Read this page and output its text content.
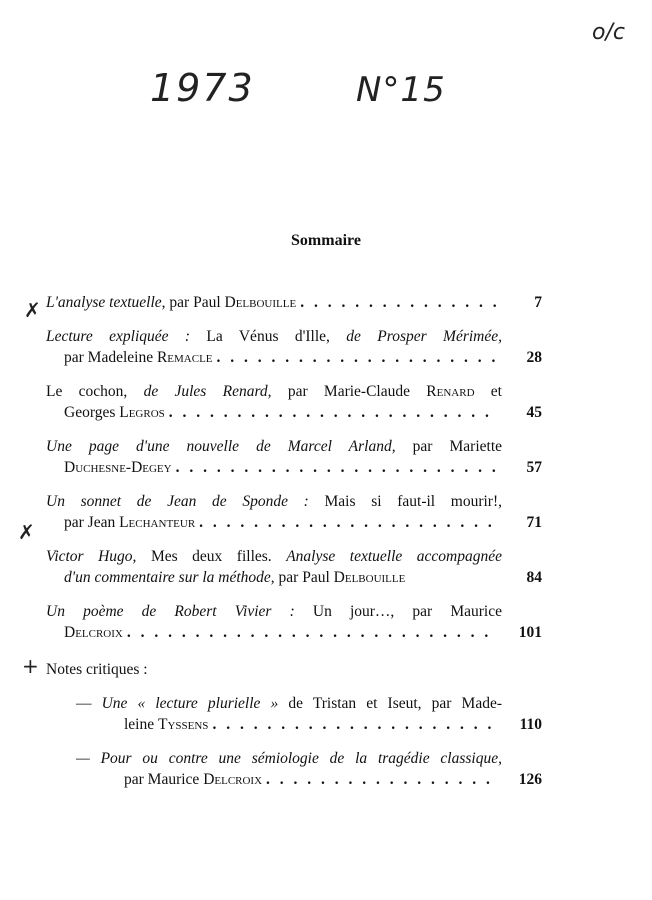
1973	N°15
o/c
✗
✗
+
Sommaire
L'analyse textuelle, par Paul Delbouille . . .	7
Lecture expliquée : La Vénus d'Ille, de Prosper Mérimée,
par Madeleine Remacle . . .	28
Le cochon, de Jules Renard, par Marie-Claude Renard et
Georges Legros . . .	45
Une page d'une nouvelle de Marcel Arland, par Mariette
Duchesne-Degey . . .	57
Un sonnet de Jean de Sponde : Mais si faut-il mourir!,
par Jean Lechanteur . . .	71
Victor Hugo, Mes deux filles. Analyse textuelle accompagnée
d'un commentaire sur la méthode, par Paul Delbouille	84
Un poème de Robert Vivier : Un jour…, par Maurice
Delcroix . . .	101
Notes critiques :
— Une « lecture plurielle » de Tristan et Iseut, par Made-
leine Tyssens . . .	110
— Pour ou contre une sémiologie de la tragédie classique,
par Maurice Delcroix . . .	126
